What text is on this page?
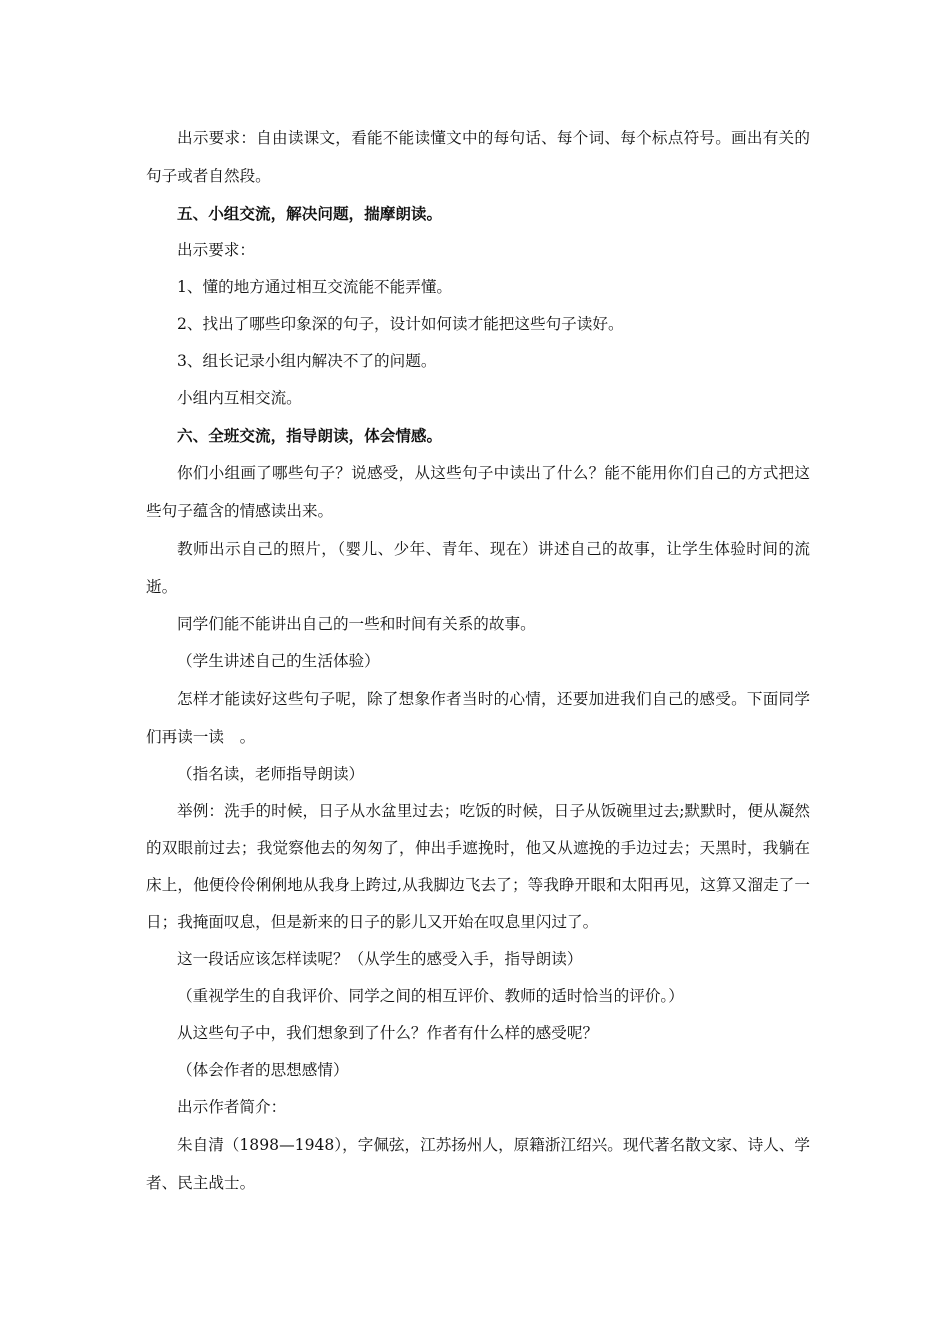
出示要求：自由读课文，看能不能读懂文中的每句话、每个词、每个标点符号。画出有关的句子或者自然段。

五、小组交流，解决问题，揣摩朗读。

出示要求：

1、懂的地方通过相互交流能不能弄懂。

2、找出了哪些印象深的句子，设计如何读才能把这些句子读好。

3、组长记录小组内解决不了的问题。

小组内互相交流。

六、全班交流，指导朗读，体会情感。

你们小组画了哪些句子？说感受，从这些句子中读出了什么？能不能用你们自己的方式把这些句子蕴含的情感读出来。

教师出示自己的照片，（婴儿、少年、青年、现在）讲述自己的故事，让学生体验时间的流逝。

同学们能不能讲出自己的一些和时间有关系的故事。

（学生讲述自己的生活体验）

怎样才能读好这些句子呢，除了想象作者当时的心情，还要加进我们自己的感受。下面同学们再读一读　。

（指名读，老师指导朗读）

举例：洗手的时候，日子从水盆里过去；吃饭的时候，日子从饭碗里过去;默默时，便从凝然的双眼前过去；我觉察他去的匆匆了，伸出手遮挽时，他又从遮挽的手边过去；天黑时，我躺在床上，他便伶伶俐俐地从我身上跨过,从我脚边飞去了；等我睁开眼和太阳再见，这算又溜走了一日；我掩面叹息，但是新来的日子的影儿又开始在叹息里闪过了。

这一段话应该怎样读呢？（从学生的感受入手，指导朗读）

（重视学生的自我评价、同学之间的相互评价、教师的适时恰当的评价。）

从这些句子中，我们想象到了什么？作者有什么样的感受呢？

（体会作者的思想感情）

出示作者简介：

朱自清（1898—1948），字佩弦，江苏扬州人，原籍浙江绍兴。现代著名散文家、诗人、学者、民主战士。
